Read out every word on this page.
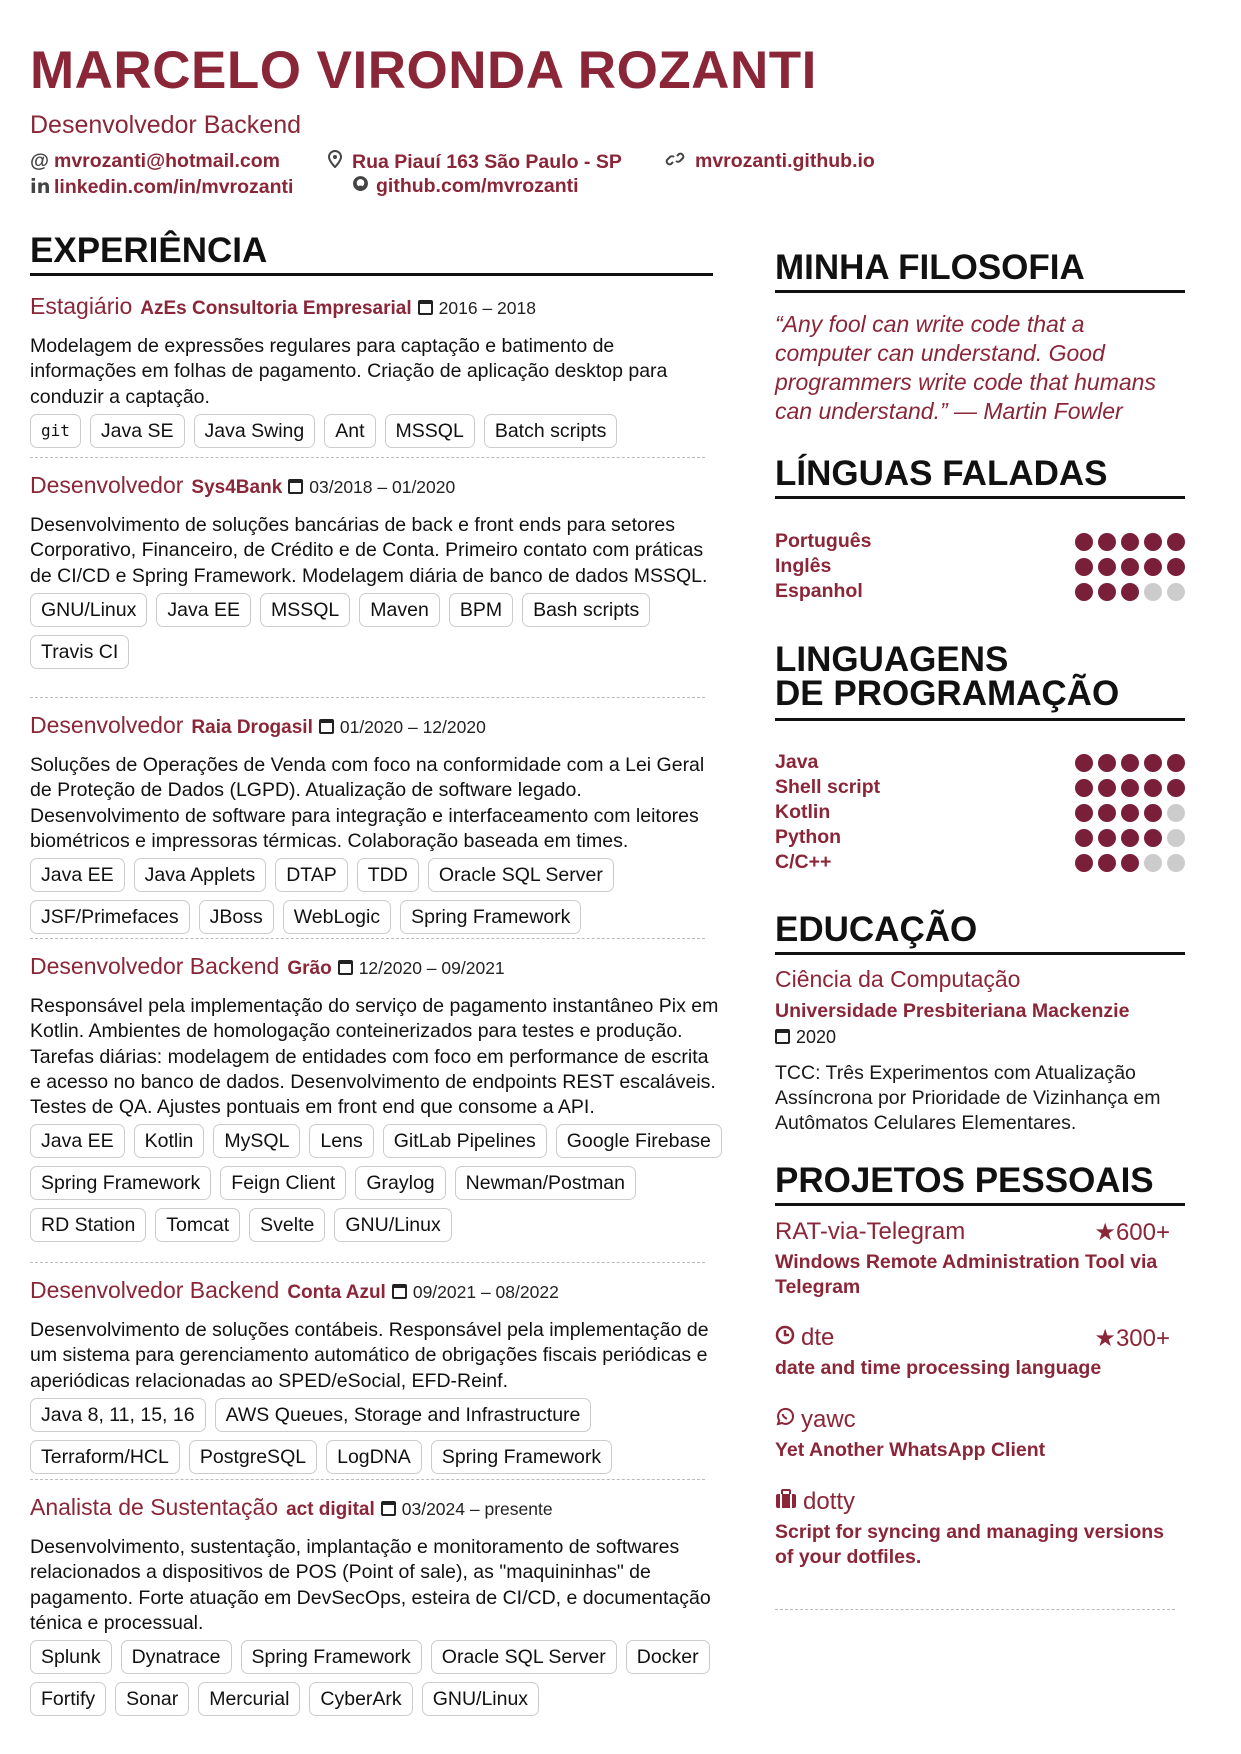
MARCELO VIRONDA ROZANTI
Desenvolvedor Backend
@ mvrozanti@hotmail.com	Rua Piauí 163 São Paulo - SP	mvrozanti.github.io
in linkedin.com/in/mvrozanti	github.com/mvrozanti
EXPERIÊNCIA
Estagiário AzEs Consultoria Empresarial 2016 – 2018

Modelagem de expressões regulares para captação e batimento de informações em folhas de pagamento. Criação de aplicação desktop para conduzir a captação.

git	Java SE	Java Swing	Ant	MSSQL	Batch scripts
Desenvolvedor Sys4Bank 03/2018 – 01/2020

Desenvolvimento de soluções bancárias de back e front ends para setores Corporativo, Financeiro, de Crédito e de Conta. Primeiro contato com práticas de CI/CD e Spring Framework. Modelagem diária de banco de dados MSSQL.

GNU/Linux	Java EE	MSSQL	Maven	BPM	Bash scripts
Travis CI
Desenvolvedor Raia Drogasil 01/2020 – 12/2020

Soluções de Operações de Venda com foco na conformidade com a Lei Geral de Proteção de Dados (LGPD). Atualização de software legado. Desenvolvimento de software para integração e interfaceamento com leitores biométricos e impressoras térmicas. Colaboração baseada em times.

Java EE	Java Applets	DTAP	TDD	Oracle SQL Server
JSF/Primefaces	JBoss	WebLogic	Spring Framework
Desenvolvedor Backend Grão 12/2020 – 09/2021

Responsável pela implementação do serviço de pagamento instantâneo Pix em Kotlin. Ambientes de homologação conteinerizados para testes e produção. Tarefas diárias: modelagem de entidades com foco em performance de escrita e acesso no banco de dados. Desenvolvimento de endpoints REST escaláveis. Testes de QA. Ajustes pontuais em front end que consome a API.

Java EE	Kotlin	MySQL	Lens	GitLab Pipelines	Google Firebase
Spring Framework	Feign Client	Graylog	Newman/Postman
RD Station	Tomcat	Svelte	GNU/Linux
Desenvolvedor Backend Conta Azul 09/2021 – 08/2022

Desenvolvimento de soluções contábeis. Responsável pela implementação de um sistema para gerenciamento automático de obrigações fiscais periódicas e aperiódicas relacionadas ao SPED/eSocial, EFD-Reinf.

Java 8, 11, 15, 16	AWS Queues, Storage and Infrastructure
Terraform/HCL	PostgreSQL	LogDNA	Spring Framework
Analista de Sustentação act digital 03/2024 – presente

Desenvolvimento, sustentação, implantação e monitoramento de softwares relacionados a dispositivos de POS (Point of sale), as "maquininhas" de pagamento. Forte atuação em DevSecOps, esteira de CI/CD, e documentação ténica e processual.

Splunk	Dynatrace	Spring Framework	Oracle SQL Server	Docker
Fortify	Sonar	Mercurial	CyberArk	GNU/Linux
MINHA FILOSOFIA

“Any fool can write code that a computer can understand. Good programmers write code that humans can understand.” — Martin Fowler

LÍNGUAS FALADAS
Português
Inglês
Espanhol
LINGUAGENS
DE PROGRAMAÇÃO
Java
Shell script
Kotlin
Python
C/C++
EDUCAÇÃO
Ciência da Computação
Universidade Presbiteriana Mackenzie
2020

TCC: Três Experimentos com Atualização Assíncrona por Prioridade de Vizinhança em Autômatos Celulares Elementares.

PROJETOS PESSOAIS
RAT-via-Telegram	★600+
Windows Remote Administration Tool via Telegram
dte	★300+
date and time processing language
yawc
Yet Another WhatsApp Client
dotty
Script for syncing and managing versions of your dotfiles.
